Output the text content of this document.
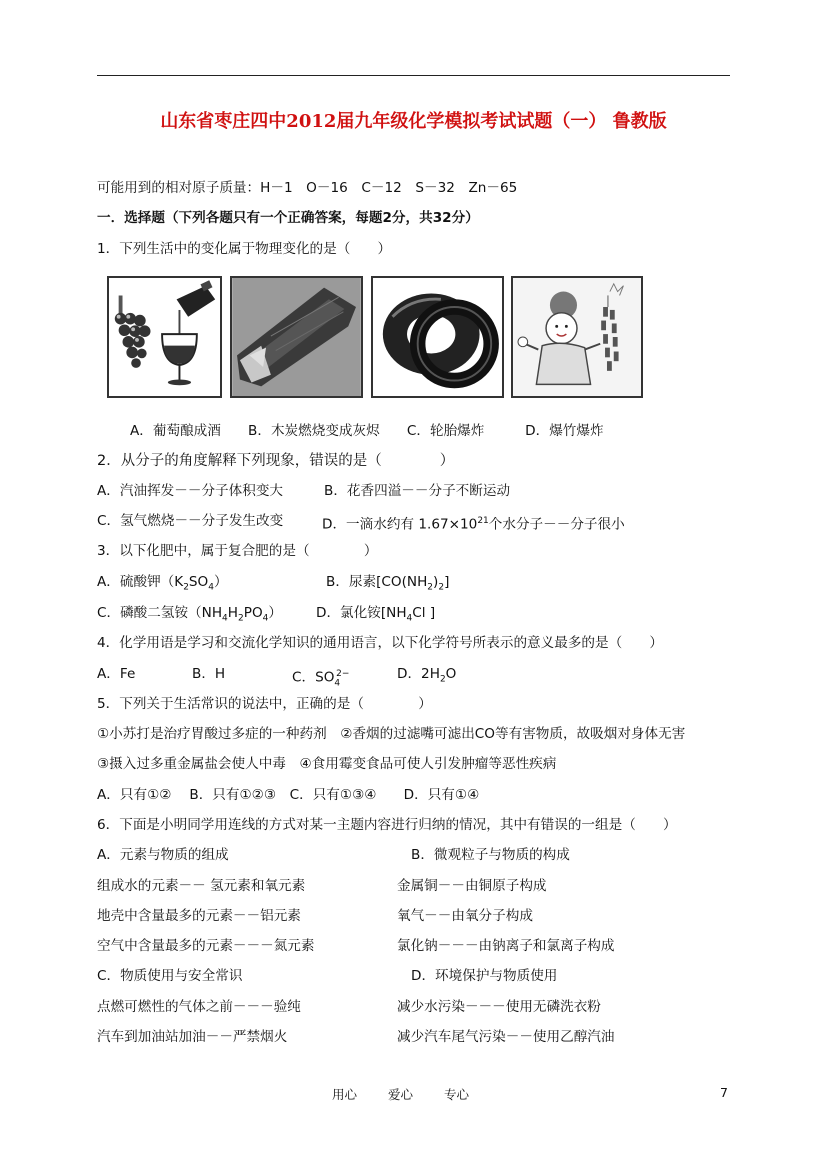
山东省枣庄四中2012届九年级化学模拟考试试题（一） 鲁教版
可能用到的相对原子质量：H－1　O－16　C－12　S－32　Zn－65
一．选择题（下列各题只有一个正确答案，每题2分，共32分）
1．下列生活中的变化属于物理变化的是（　　）
A．葡萄酿成酒　　B．木炭燃烧变成灰烬　　C．轮胎爆炸　　　D．爆竹爆炸
2．从分子的角度解释下列现象，错误的是（　　　　）
A．汽油挥发－－分子体积变大	B．花香四溢－－分子不断运动
C．氢气燃烧－－分子发生改变	D．一滴水约有 $1.67\times 10^{21}$个水分子－－分子很小
3．以下化肥中，属于复合肥的是（　　　　）
A．硫酸钾$(K_2SO_4)$	B．尿素$[CO(NH_2)_2]$
C．磷酸二氢铵$(NH_4H_2PO_4)$	D．氯化铵[$NH_4Cl$ ]
4．化学用语是学习和交流化学知识的通用语言，以下化学符号所表示的意义最多的是（　　）
A．Fe	B．H	C．$SO_4^{2-}$	D．$2H_2O$
5．下列关于生活常识的说法中，正确的是（　　　　）
①小苏打是治疗胃酸过多症的一种药剂　②香烟的过滤嘴可滤出CO等有害物质，故吸烟对身体无害
③摄入过多重金属盐会使人中毒　④食用霉变食品可使人引发肿瘤等恶性疾病
A．只有①②　 B．只有①②③　C．只有①③④　　D．只有①④
6．下面是小明同学用连线的方式对某一主题内容进行归纳的情况，其中有错误的一组是（　　）
A．元素与物质的组成	B．微观粒子与物质的构成
组成水的元素－－ 氢元素和氧元素	金属铜－－由铜原子构成
地壳中含量最多的元素－－铝元素	氧气－－由氧分子构成
空气中含量最多的元素－－－氮元素	氯化钠－－－由钠离子和氯离子构成
C．物质使用与安全常识	D．环境保护与物质使用
点燃可燃性的气体之前－－－验纯	减少水污染－－－使用无磷洗衣粉
汽车到加油站加油－－严禁烟火	减少汽车尾气污染－－使用乙醇汽油
用心 爱心 专心	7
